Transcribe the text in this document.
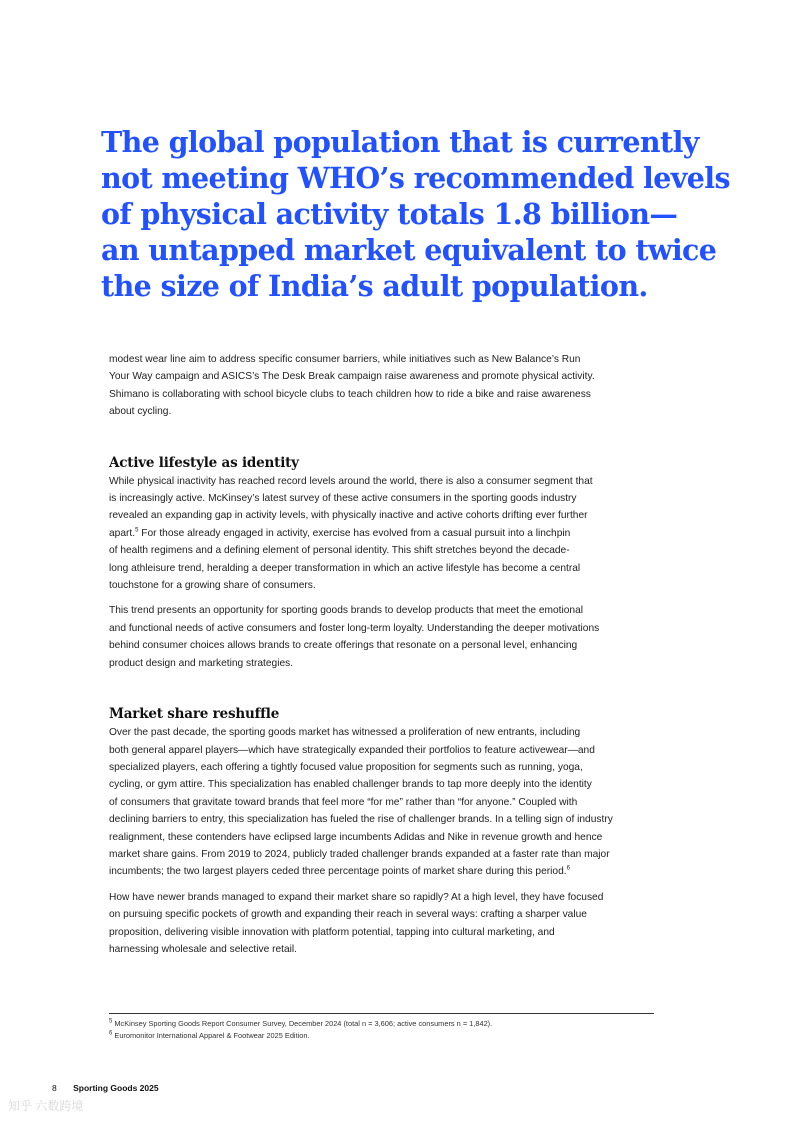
The global population that is currently
not meeting WHO’s recommended levels
of physical activity totals 1.8 billion—
an untapped market equivalent to twice
the size of India’s adult population.

modest wear line aim to address specific consumer barriers, while initiatives such as New Balance’s Run
Your Way campaign and ASICS’s The Desk Break campaign raise awareness and promote physical activity.
Shimano is collaborating with school bicycle clubs to teach children how to ride a bike and raise awareness
about cycling.

Active lifestyle as identity

While physical inactivity has reached record levels around the world, there is also a consumer segment that
is increasingly active. McKinsey’s latest survey of these active consumers in the sporting goods industry
revealed an expanding gap in activity levels, with physically inactive and active cohorts drifting ever further
apart.$^5$ For those already engaged in activity, exercise has evolved from a casual pursuit into a linchpin
of health regimens and a defining element of personal identity. This shift stretches beyond the decade-
long athleisure trend, heralding a deeper transformation in which an active lifestyle has become a central
touchstone for a growing share of consumers.

This trend presents an opportunity for sporting goods brands to develop products that meet the emotional
and functional needs of active consumers and foster long-term loyalty. Understanding the deeper motivations
behind consumer choices allows brands to create offerings that resonate on a personal level, enhancing
product design and marketing strategies.

Market share reshuffle

Over the past decade, the sporting goods market has witnessed a proliferation of new entrants, including
both general apparel players—which have strategically expanded their portfolios to feature activewear—and
specialized players, each offering a tightly focused value proposition for segments such as running, yoga,
cycling, or gym attire. This specialization has enabled challenger brands to tap more deeply into the identity
of consumers that gravitate toward brands that feel more “for me” rather than “for anyone.” Coupled with
declining barriers to entry, this specialization has fueled the rise of challenger brands. In a telling sign of industry
realignment, these contenders have eclipsed large incumbents Adidas and Nike in revenue growth and hence
market share gains. From 2019 to 2024, publicly traded challenger brands expanded at a faster rate than major
incumbents; the two largest players ceded three percentage points of market share during this period.$^6$

How have newer brands managed to expand their market share so rapidly? At a high level, they have focused
on pursuing specific pockets of growth and expanding their reach in several ways: crafting a sharper value
proposition, delivering visible innovation with platform potential, tapping into cultural marketing, and
harnessing wholesale and selective retail.

$^5$ McKinsey Sporting Goods Report Consumer Survey, December 2024 (total n = 3,606; active consumers n = 1,842).
$^6$ Euromonitor International Apparel & Footwear 2025 Edition.
8 Sporting Goods 2025
知乎 六数跨境
